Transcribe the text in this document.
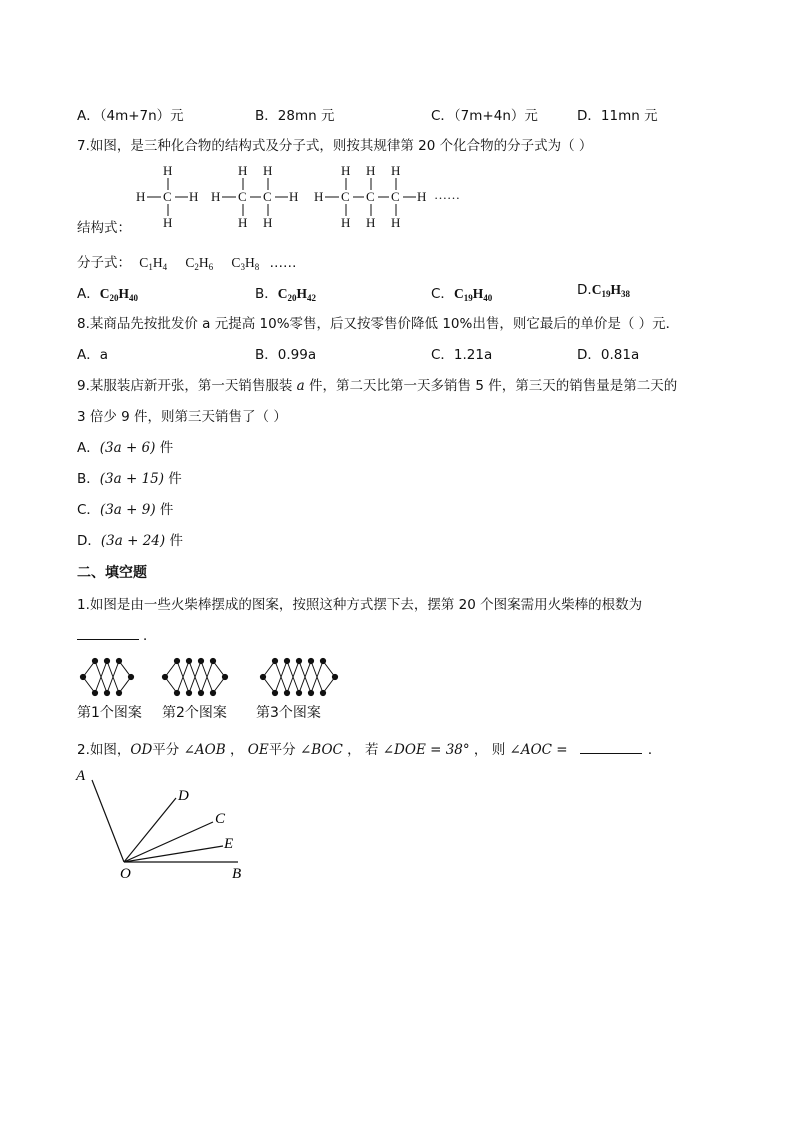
A．（4m+7n）元	B．28mn 元	C．（7m+4n）元	D．11mn 元
7.如图，是三种化合物的结构式及分子式，则按其规律第 20 个化合物的分子式为（ ）
H
C
H
H	H
H H
H C C H
H H
H H H
H C C C H
H H H
……
结构式：
分子式： $C_1H_4$ $C_2H_6$ $C_3H_8$ ……
A．$C_{20}H_{40}$	B．$C_{20}H_{42}$	C．$C_{19}H_{40}$	$D.C_{19}H_{38}$
8.某商品先按批发价 a 元提高 10%零售，后又按零售价降低 10%出售，则它最后的单价是（ ）元．
A．a	B．0.99a	C．1.21a	D．0.81a
9.某服装店新开张，第一天销售服装 a 件，第二天比第一天多销售 5 件，第三天的销售量是第二天的
3 倍少 9 件，则第三天销售了（ ）
A．(3a + 6) 件
B．(3a + 15) 件
C．(3a + 9) 件
D．(3a + 24) 件
二、填空题
1.如图是由一些火柴棒摆成的图案，按照这种方式摆下去，摆第 20 个图案需用火柴棒的根数为
．
第1个图案 第2个图案 第3个图案
2.如图，OD平分 ∠AOB ， OE平分 ∠BOC ， 若 ∠DOE = 38° ， 则 ∠AOC =	．
A
D
C
E
B
O
